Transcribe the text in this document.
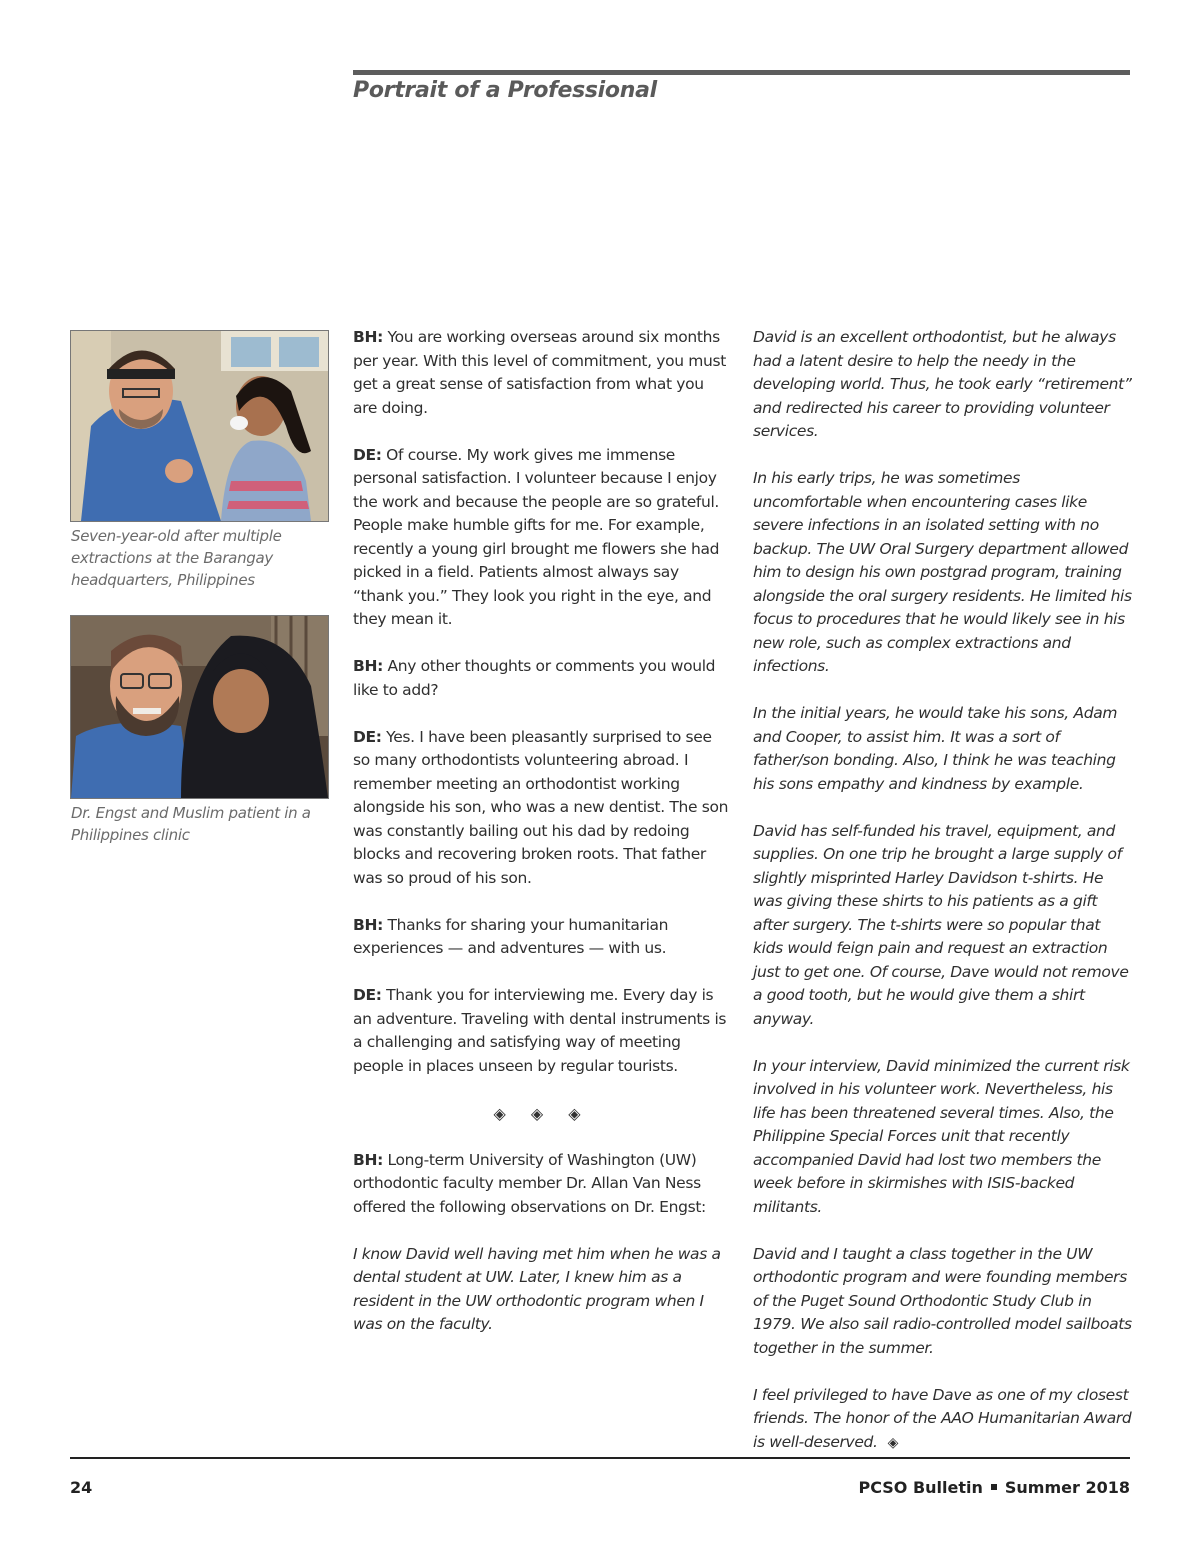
Portrait of a Professional

Seven-year-old after multiple extractions at the Barangay headquarters, Philippines

Dr. Engst and Muslim patient in a Philippines clinic

BH: You are working overseas around six months per year. With this level of commitment, you must get a great sense of satisfaction from what you are doing.

DE: Of course. My work gives me immense personal satisfaction. I volunteer because I enjoy the work and because the people are so grateful. People make humble gifts for me. For example, recently a young girl brought me flowers she had picked in a field. Patients almost always say “thank you.” They look you right in the eye, and they mean it.

BH: Any other thoughts or comments you would like to add?

DE: Yes. I have been pleasantly surprised to see so many orthodontists volunteering abroad. I remember meeting an orthodontist working alongside his son, who was a new dentist. The son was constantly bailing out his dad by redoing blocks and recovering broken roots. That father was so proud of his son.

BH: Thanks for sharing your humanitarian experiences — and adventures — with us.

DE: Thank you for interviewing me. Every day is an adventure. Traveling with dental instruments is a challenging and satisfying way of meeting people in places unseen by regular tourists.

◈ ◈ ◈

BH: Long-term University of Washington (UW) orthodontic faculty member Dr. Allan Van Ness offered the following observations on Dr. Engst:

I know David well having met him when he was a dental student at UW. Later, I knew him as a resident in the UW orthodontic program when I was on the faculty.

David is an excellent orthodontist, but he always had a latent desire to help the needy in the developing world. Thus, he took early “retirement” and redirected his career to providing volunteer services.

In his early trips, he was sometimes uncomfortable when encountering cases like severe infections in an isolated setting with no backup. The UW Oral Surgery department allowed him to design his own postgrad program, training alongside the oral surgery residents. He limited his focus to procedures that he would likely see in his new role, such as complex extractions and infections.

In the initial years, he would take his sons, Adam and Cooper, to assist him. It was a sort of father/son bonding. Also, I think he was teaching his sons empathy and kindness by example.

David has self-funded his travel, equipment, and supplies. On one trip he brought a large supply of slightly misprinted Harley Davidson t-shirts. He was giving these shirts to his patients as a gift after surgery. The t-shirts were so popular that kids would feign pain and request an extraction just to get one. Of course, Dave would not remove a good tooth, but he would give them a shirt anyway.

In your interview, David minimized the current risk involved in his volunteer work. Nevertheless, his life has been threatened several times. Also, the Philippine Special Forces unit that recently accompanied David had lost two members the week before in skirmishes with ISIS-backed militants.

David and I taught a class together in the UW orthodontic program and were founding members of the Puget Sound Orthodontic Study Club in 1979. We also sail radio-controlled model sailboats together in the summer.

I feel privileged to have Dave as one of my closest friends. The honor of the AAO Humanitarian Award is well-deserved. ◈

24	PCSO Bulletin Summer 2018
